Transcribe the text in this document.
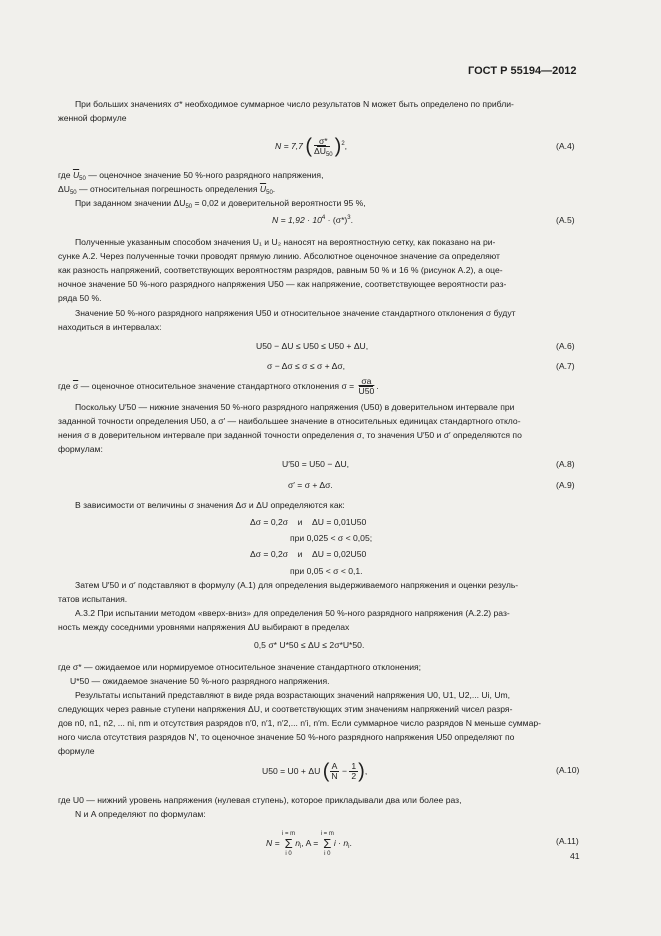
ГОСТ Р 55194—2012
При больших значениях σ* необходимое суммарное число результатов N может быть определено по прибли-
женной формуле
N = 7,7 ( $\frac{\sigma*}{\overline{\Delta U}_{50}} )^2$,	(А.4)
где $\overline{U}_{50}$ — оценочное значение 50 %-ного разрядного напряжения,
$\Delta U_{50}$ — относительная погрешность определения $\overline{U}_{50}$.
При заданном значении $\Delta U_{50} = 0,02$ и доверительной вероятности 95 %,
$N = 1,92 \cdot 10^4 \cdot (\sigma*)^3$.	(А.5)
Полученные указанным способом значения U₁ и U₂ наносят на вероятностную сетку, как показано на ри-
сунке А.2. Через полученные точки проводят прямую линию. Абсолютное оценочное значение σa определяют
как разность напряжений, соответствующих вероятностям разрядов, равным 50 % и 16 % (рисунок А.2), а оце-
ночное значение 50 %-ного разрядного напряжения U50 — как напряжение, соответствующее вероятности раз-
ряда 50 %.
Значение 50 %-ного разрядного напряжения U50 и относительное значение стандартного отклонения σ будут
находиться в интервалах:
U50 − ΔU ≤ U50 ≤ U50 + ΔU,	(А.6)
σ − Δσ ≤ σ ≤ σ + Δσ,	(А.7)
где $\overline{\sigma}$ — оценочное относительное значение стандартного отклонения $\sigma = \frac{\sigma a}{U50}$ .
Поскольку U′50 — нижние значения 50 %-ного разрядного напряжения (U50) в доверительном интервале при
заданной точности определения U50, а σ′ — наибольшее значение в относительных единицах стандартного откло-
нения σ в доверительном интервале при заданной точности определения σ, то значения U′50 и σ′ определяются по
формулам:
U′50 = U50 − ΔU,	(А.8)
σ′ = σ + Δσ.	(А.9)
В зависимости от величины σ значения Δσ и ΔU определяются как:
Δσ = 0,2σ и ΔU = 0,01U50
при 0,025 < σ < 0,05;
Δσ = 0,2σ и ΔU = 0,02U50
при 0,05 < σ < 0,1.
Затем U′50 и σ′ подставляют в формулу (А.1) для определения выдерживаемого напряжения и оценки резуль-
татов испытания.
А.3.2 При испытании методом «вверх-вниз» для определения 50 %-ного разрядного напряжения (А.2.2) раз-
ность между соседними уровнями напряжения ΔU выбирают в пределах
0,5 σ* U*50 ≤ ΔU ≤ 2σ*U*50.
где σ* — ожидаемое или нормируемое относительное значение стандартного отклонения;
U*50 — ожидаемое значение 50 %-ного разрядного напряжения.
Результаты испытаний представляют в виде ряда возрастающих значений напряжения U0, U1, U2,... Ui, Um,
следующих через равные ступени напряжения ΔU, и соответствующих этим значениям напряжений чисел разря-
дов n0, n1, n2, ... ni, nm и отсутствия разрядов n′0, n′1, n′2,... n′i, n′m. Если суммарное число разрядов N меньше суммар-
ного числа отсутствия разрядов N′, то оценочное значение 50 %-ного разрядного напряжения U50 определяют по
формуле
U50 = U0 + ΔU ( $\frac{A}{N} - \frac{1}{2}$ ),	(А.10)
где U0 — нижний уровень напряжения (нулевая ступень), которое прикладывали два или более раз,
N и A определяют по формулам:
N =
i = m
Σ
i 0
$n_i$, A =
i = m
Σ
i 0
$i \cdot n_i$.	(А.11)
41
